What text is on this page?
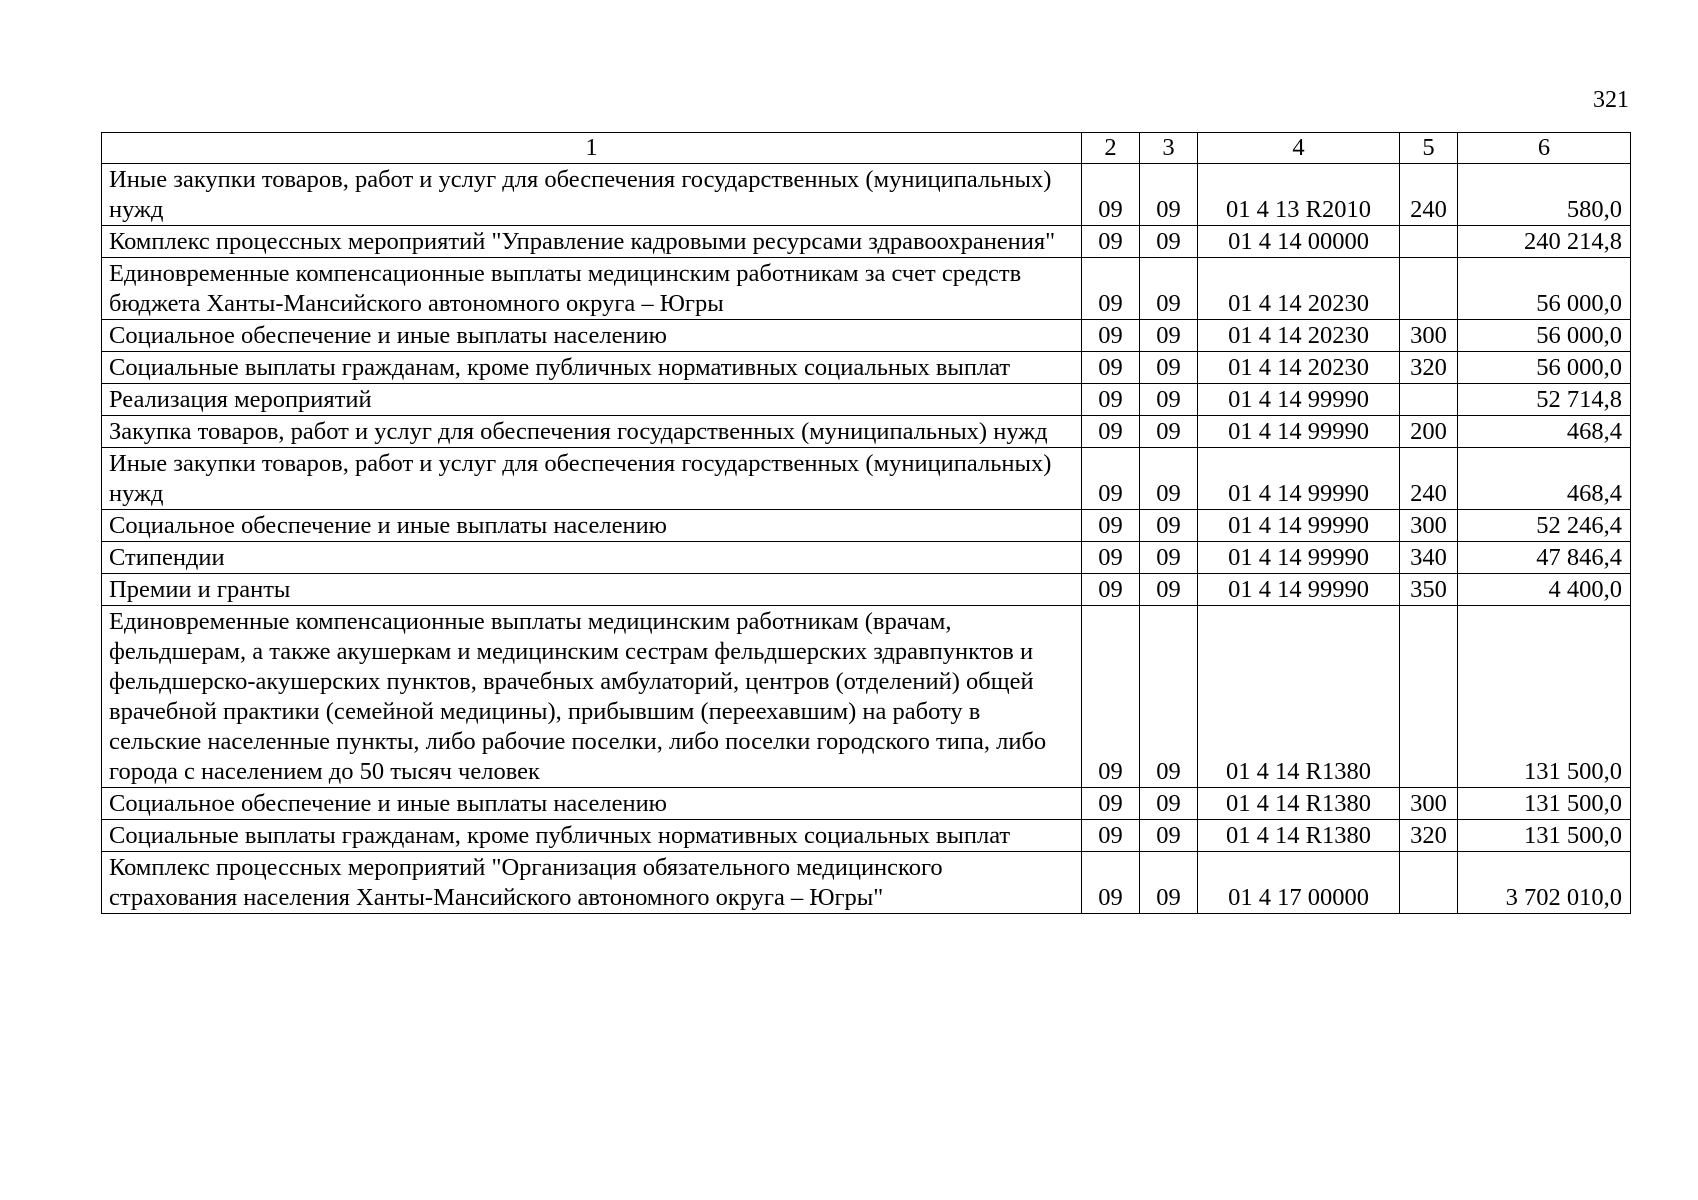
321
1	2	3	4	5	6
Иные закупки товаров, работ и услуг для обеспечения государственных (муниципальных) нужд	09	09	01 4 13 R2010	240	580,0
Комплекс процессных мероприятий "Управление кадровыми ресурсами здравоохранения"	09	09	01 4 14 00000		240 214,8
Единовременные компенсационные выплаты медицинским работникам за счет средств бюджета Ханты-Мансийского автономного округа – Югры	09	09	01 4 14 20230		56 000,0
Социальное обеспечение и иные выплаты населению	09	09	01 4 14 20230	300	56 000,0
Социальные выплаты гражданам, кроме публичных нормативных социальных выплат	09	09	01 4 14 20230	320	56 000,0
Реализация мероприятий	09	09	01 4 14 99990		52 714,8
Закупка товаров, работ и услуг для обеспечения государственных (муниципальных) нужд	09	09	01 4 14 99990	200	468,4
Иные закупки товаров, работ и услуг для обеспечения государственных (муниципальных) нужд	09	09	01 4 14 99990	240	468,4
Социальное обеспечение и иные выплаты населению	09	09	01 4 14 99990	300	52 246,4
Стипендии	09	09	01 4 14 99990	340	47 846,4
Премии и гранты	09	09	01 4 14 99990	350	4 400,0
Единовременные компенсационные выплаты медицинским работникам (врачам, фельдшерам, а также акушеркам и медицинским сестрам фельдшерских здравпунктов и фельдшерско-акушерских пунктов, врачебных амбулаторий, центров (отделений) общей врачебной практики (семейной медицины), прибывшим (переехавшим) на работу в сельские населенные пункты, либо рабочие поселки, либо поселки городского типа, либо города с населением до 50 тысяч человек	09	09	01 4 14 R1380		131 500,0
Социальное обеспечение и иные выплаты населению	09	09	01 4 14 R1380	300	131 500,0
Социальные выплаты гражданам, кроме публичных нормативных социальных выплат	09	09	01 4 14 R1380	320	131 500,0
Комплекс процессных мероприятий "Организация обязательного медицинского страхования населения Ханты-Мансийского автономного округа – Югры"	09	09	01 4 17 00000		3 702 010,0
